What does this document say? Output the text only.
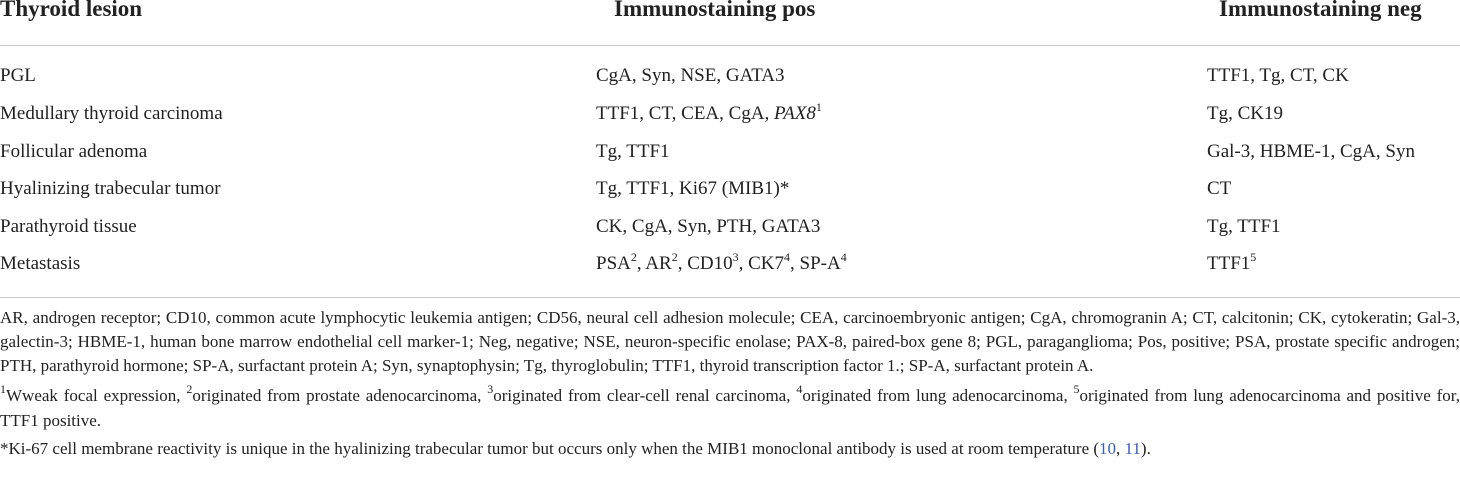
Thyroid lesion	Immunostaining pos	Immunostaining neg
PGL	CgA, Syn, NSE, GATA3	TTF1, Tg, CT, CK
Medullary thyroid carcinoma	TTF1, CT, CEA, CgA, $PAX8^1$	Tg, CK19
Follicular adenoma	Tg, TTF1	Gal-3, HBME-1, CgA, Syn
Hyalinizing trabecular tumor	Tg, TTF1, Ki67 (MIB1)*	CT
Parathyroid tissue	CK, CgA, Syn, PTH, GATA3	Tg, TTF1
Metastasis	PSA$^2$, $AR^2$, $CD10^3$, $CK7^4$, $SP-A^4$	$TTF1^5$

AR, androgen receptor; CD10, common acute lymphocytic leukemia antigen; CD56, neural cell adhesion molecule; CEA, carcinoembryonic antigen; CgA, chromogranin A; CT, calcitonin; CK, cytokeratin; Gal-3, galectin-3; HBME-1, human bone marrow endothelial cell marker-1; Neg, negative; NSE, neuron-specific enolase; PAX-8, paired-box gene 8; PGL, paraganglioma; Pos, positive; PSA, prostate specific androgen; PTH, parathyroid hormone; SP-A, surfactant protein A; Syn, synaptophysin; Tg, thyroglobulin; TTF1, thyroid transcription factor 1.; SP-A, surfactant protein A.

$^1$Wweak focal expression, $^2$originated from prostate adenocarcinoma, $^3$originated from clear-cell renal carcinoma, $^4$originated from lung adenocarcinoma, $^5$originated from lung adenocarcinoma and positive for, TTF1 positive.

*Ki-67 cell membrane reactivity is unique in the hyalinizing trabecular tumor but occurs only when the MIB1 monoclonal antibody is used at room temperature (10, 11).
